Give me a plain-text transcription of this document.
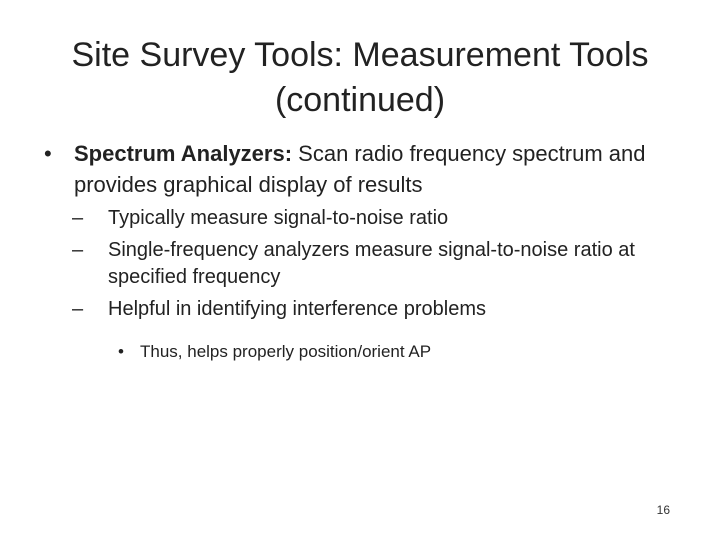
Site Survey Tools: Measurement Tools
(continued)
•	Spectrum Analyzers: Scan radio frequency spectrum and provides graphical display of results
–	Typically measure signal-to-noise ratio
–	Single-frequency analyzers measure signal-to-noise ratio at specified frequency
–	Helpful in identifying interference problems
• Thus, helps properly position/orient AP
16
